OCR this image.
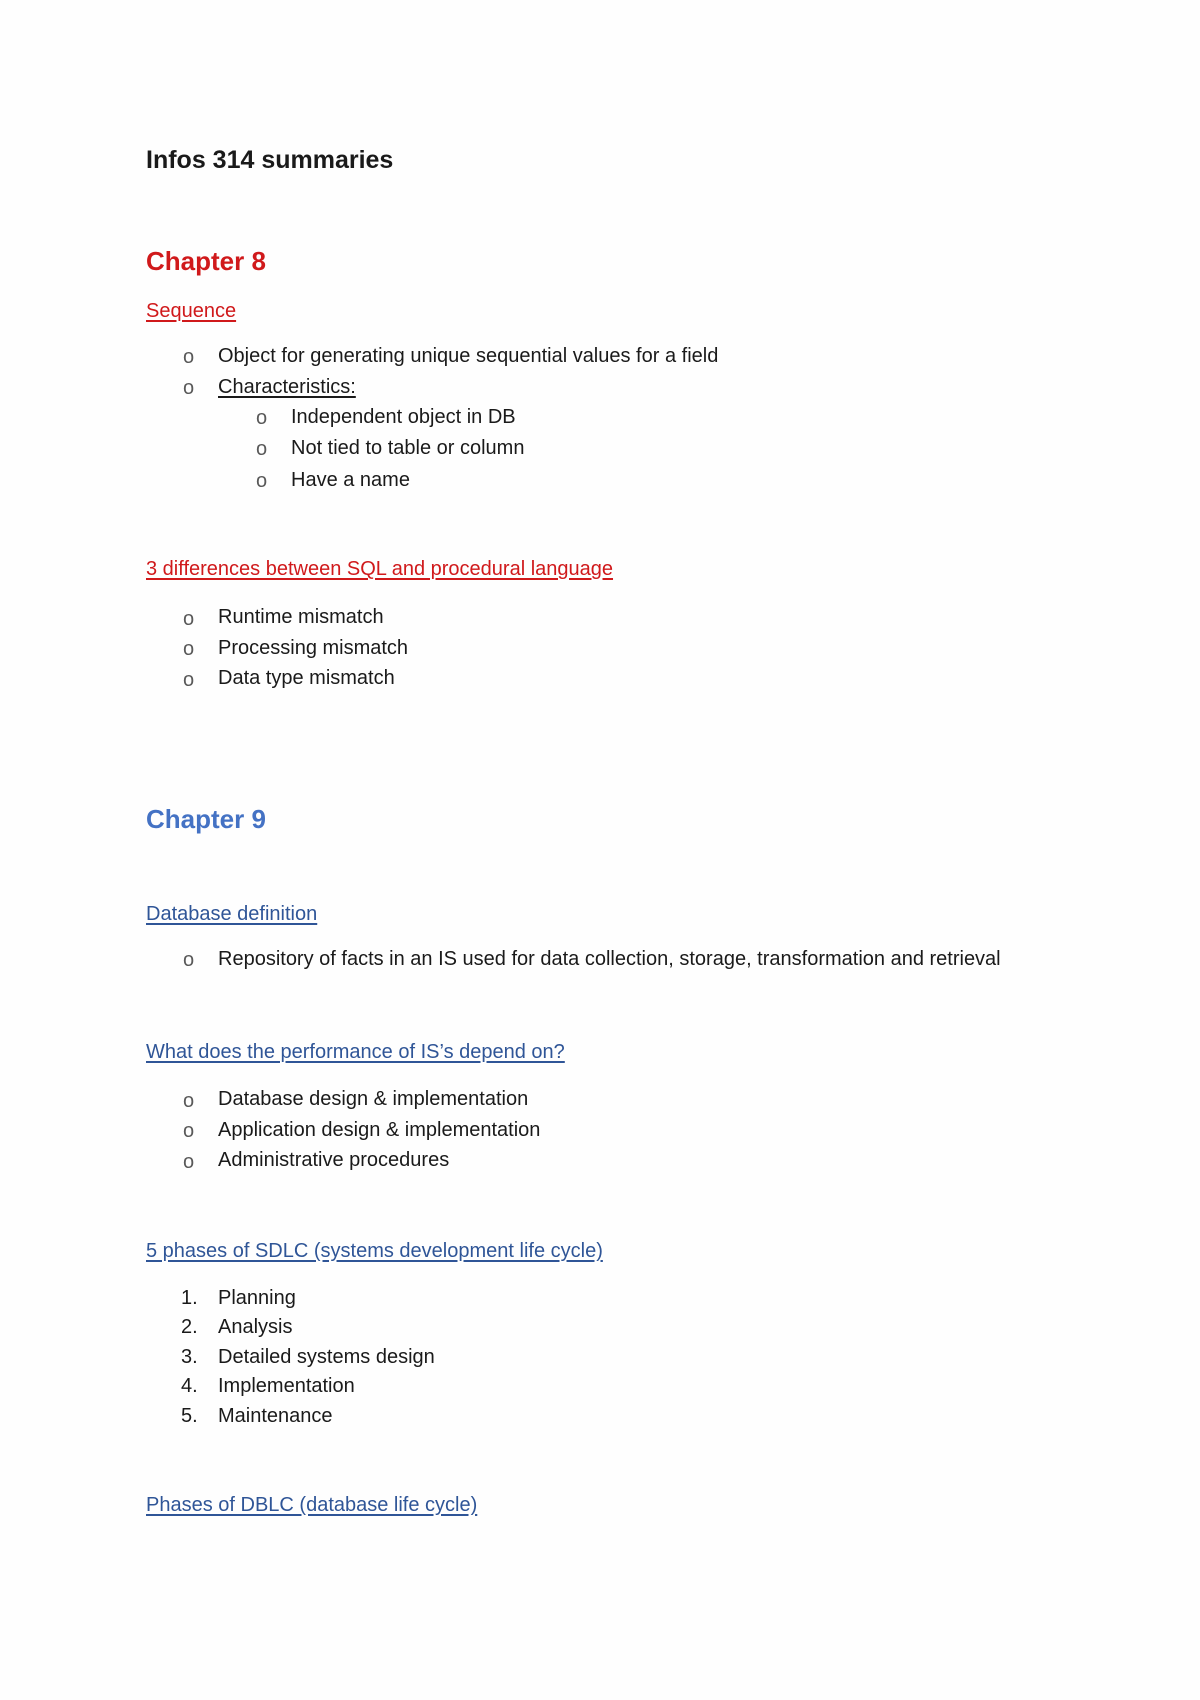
Infos 314 summaries
Chapter 8
Sequence
o Object for generating unique sequential values for a field
o Characteristics:
o Independent object in DB
o Not tied to table or column
o Have a name
3 differences between SQL and procedural language
o Runtime mismatch
o Processing mismatch
o Data type mismatch
Chapter 9
Database definition
o Repository of facts in an IS used for data collection, storage, transformation and retrieval
What does the performance of IS’s depend on?
o Database design & implementation
o Application design & implementation
o Administrative procedures
5 phases of SDLC (systems development life cycle)
1. Planning
2. Analysis
3. Detailed systems design
4. Implementation
5. Maintenance
Phases of DBLC (database life cycle)
